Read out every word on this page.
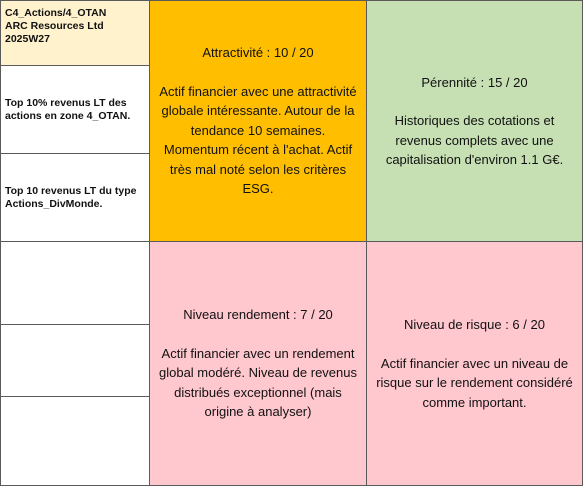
C4_Actions/4_OTAN
ARC Resources Ltd
2025W27
Top 10% revenus LT des actions en zone 4_OTAN.
Top 10 revenus LT du type Actions_DivMonde.
Attractivité : 10 / 20
Actif financier avec une attractivité globale intéressante. Autour de la tendance 10 semaines. Momentum récent à l'achat. Actif très mal noté selon les critères ESG.
Pérennité : 15 / 20
Historiques des cotations et revenus complets avec une capitalisation d'environ 1.1 G€.
Niveau rendement : 7 / 20
Actif financier avec un rendement global modéré. Niveau de revenus distribués exceptionnel (mais origine à analyser)
Niveau de risque : 6 / 20
Actif financier avec un niveau de risque sur le rendement considéré comme important.
